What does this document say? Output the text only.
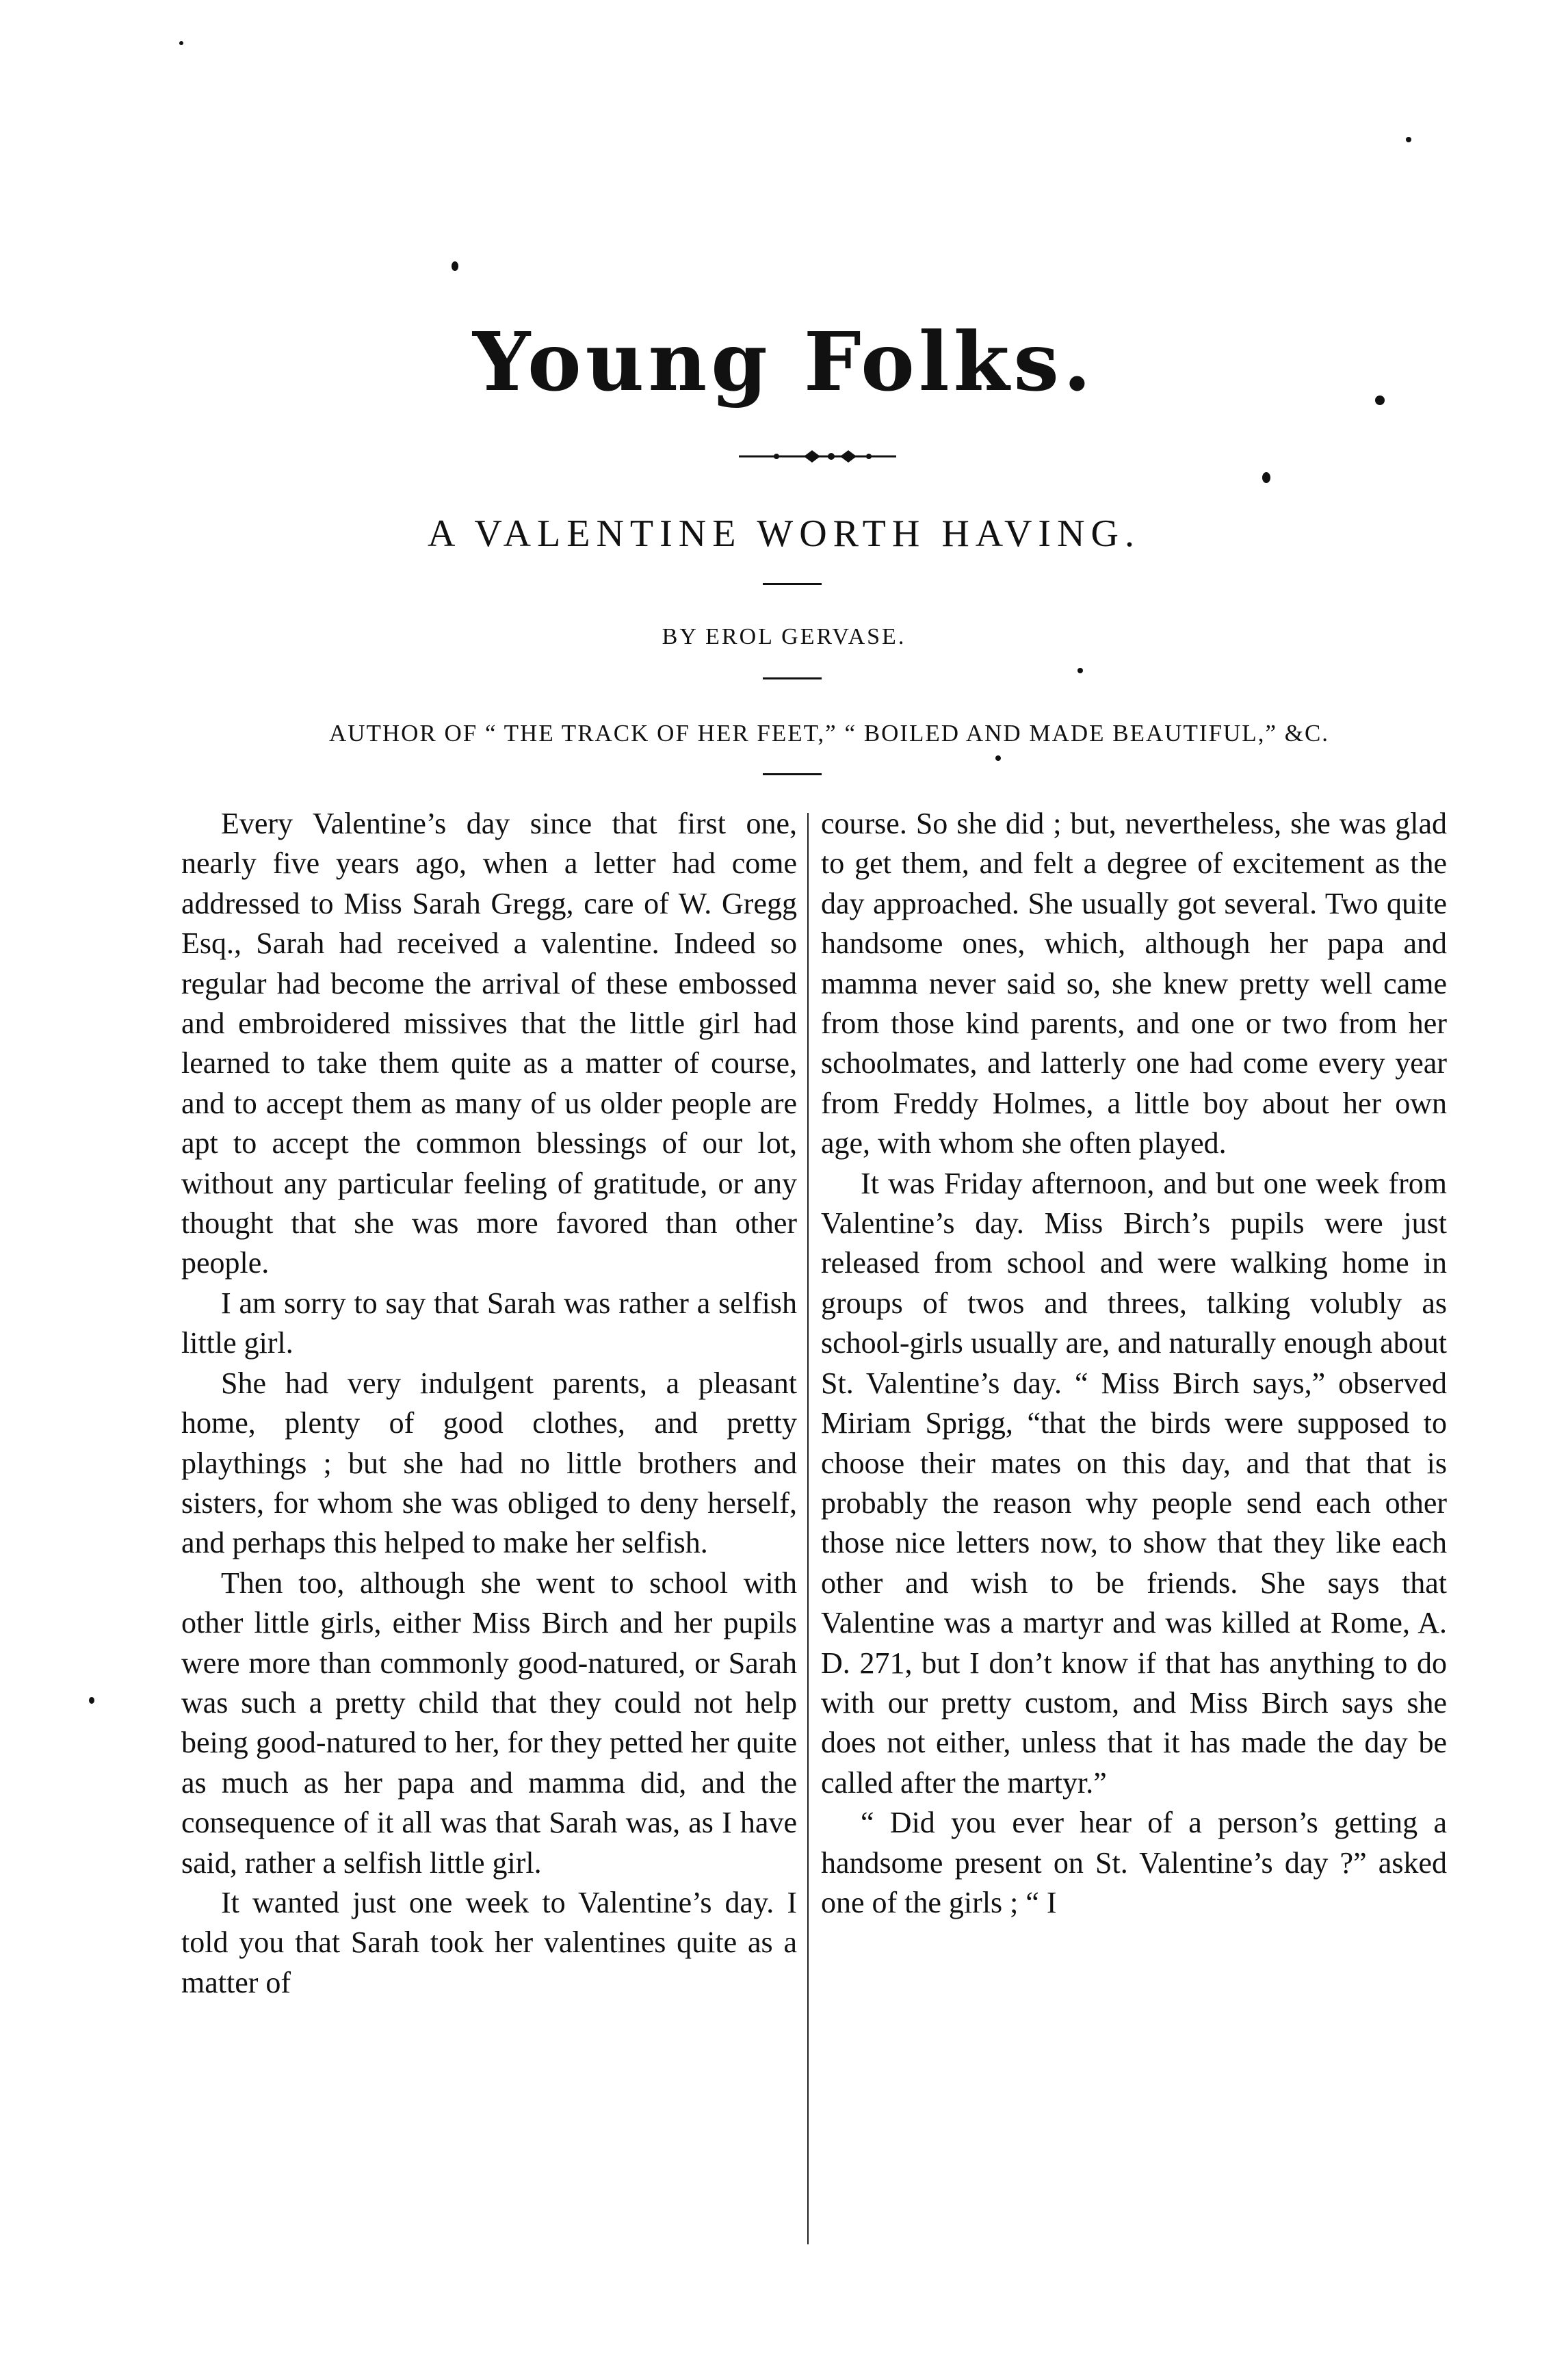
Young Folks.
A VALENTINE WORTH HAVING.
BY EROL GERVASE.
AUTHOR OF “ THE TRACK OF HER FEET,” “ BOILED AND MADE BEAUTIFUL,” &C.

Every Valentine’s day since that first one, nearly five years ago, when a letter had come addressed to Miss Sarah Gregg, care of W. Gregg Esq., Sarah had received a valentine. Indeed so regular had become the arrival of these embossed and embroidered missives that the little girl had learned to take them quite as a matter of course, and to accept them as many of us older people are apt to accept the common blessings of our lot, without any particular feeling of gratitude, or any thought that she was more favored than other people.

I am sorry to say that Sarah was rather a selfish little girl.

She had very indulgent parents, a pleasant home, plenty of good clothes, and pretty playthings ; but she had no little brothers and sisters, for whom she was obliged to deny herself, and perhaps this helped to make her selfish.

Then too, although she went to school with other little girls, either Miss Birch and her pupils were more than commonly good-natured, or Sarah was such a pretty child that they could not help being good-natured to her, for they petted her quite as much as her papa and mamma did, and the consequence of it all was that Sarah was, as I have said, rather a selfish little girl.

It wanted just one week to Valentine’s day. I told you that Sarah took her valentines quite as a matter of

course. So she did ; but, nevertheless, she was glad to get them, and felt a degree of excitement as the day approached. She usually got several. Two quite handsome ones, which, although her papa and mamma never said so, she knew pretty well came from those kind parents, and one or two from her schoolmates, and latterly one had come every year from Freddy Holmes, a little boy about her own age, with whom she often played.

It was Friday afternoon, and but one week from Valentine’s day. Miss Birch’s pupils were just released from school and were walking home in groups of twos and threes, talking volubly as school-girls usually are, and naturally enough about St. Valentine’s day. “ Miss Birch says,” observed Miriam Sprigg, “that the birds were supposed to choose their mates on this day, and that that is probably the reason why people send each other those nice letters now, to show that they like each other and wish to be friends. She says that Valentine was a martyr and was killed at Rome, A. D. 271, but I don’t know if that has anything to do with our pretty custom, and Miss Birch says she does not either, unless that it has made the day be called after the martyr.”

“ Did you ever hear of a person’s getting a handsome present on St. Valentine’s day ?” asked one of the girls ; “ I
